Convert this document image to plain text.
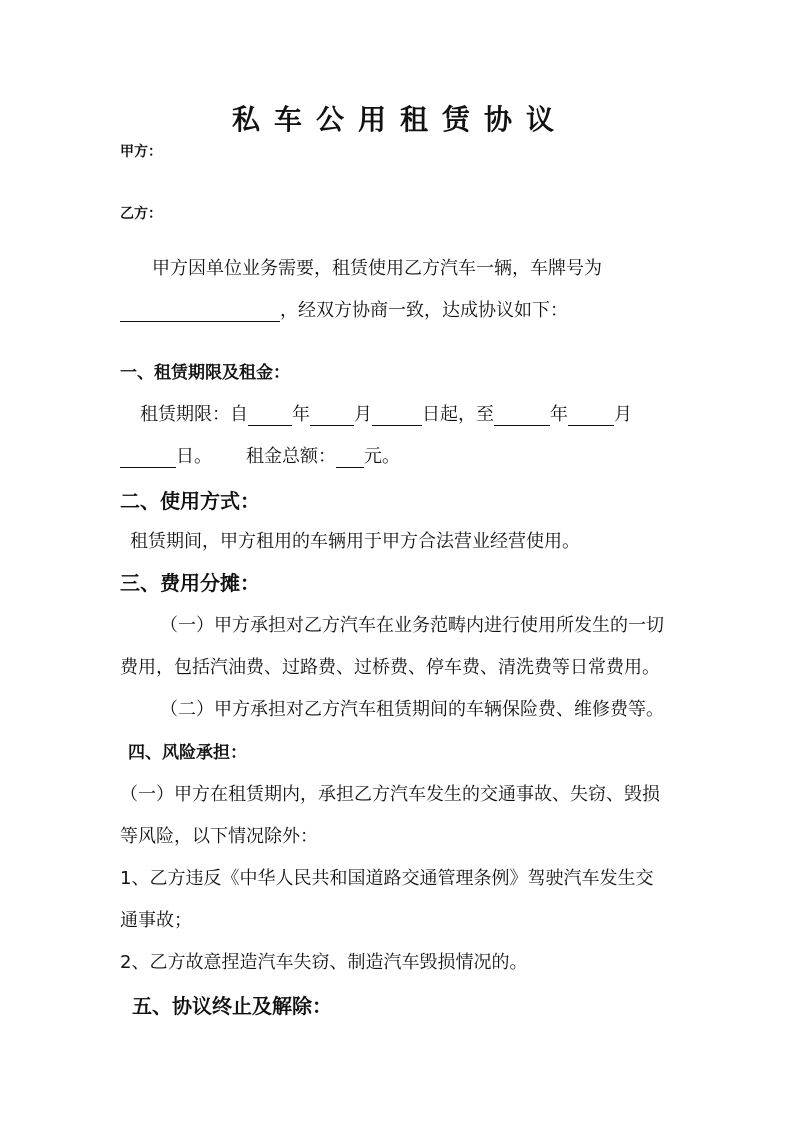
私车公用租赁协议
甲方：
乙方：
甲方因单位业务需要，租赁使用乙方汽车一辆，车牌号为
，经双方协商一致，达成协议如下：
一、租赁期限及租金：
租赁期限：自 年 月	日起，至	年	月
日。 租金总额： 元。
二、使用方式：
租赁期间，甲方租用的车辆用于甲方合法营业经营使用。
三、费用分摊：
（一）甲方承担对乙方汽车在业务范畴内进行使用所发生的一切
费用，包括汽油费、过路费、过桥费、停车费、清洗费等日常费用。
（二）甲方承担对乙方汽车租赁期间的车辆保险费、维修费等。
四、风险承担：
（一）甲方在租赁期内，承担乙方汽车发生的交通事故、失窃、毁损
等风险，以下情况除外：
1、乙方违反《中华人民共和国道路交通管理条例》驾驶汽车发生交
通事故；
2、乙方故意捏造汽车失窃、制造汽车毁损情况的。
五、协议终止及解除：
